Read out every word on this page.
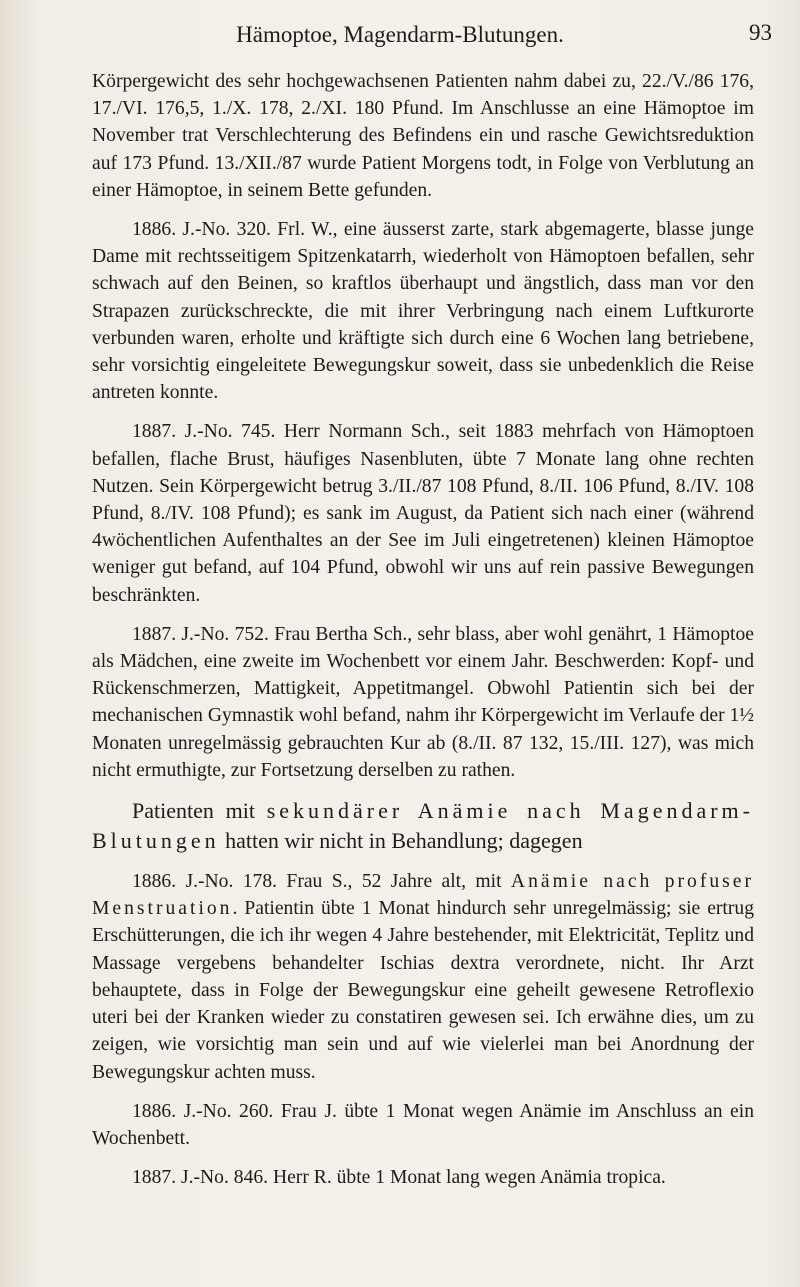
Hämoptoe, Magendarm-Blutungen.	93

Körpergewicht des sehr hochgewachsenen Patienten nahm dabei zu, 22./V./86 176, 17./VI. 176,5, 1./X. 178, 2./XI. 180 Pfund. Im Anschlusse an eine Hämoptoe im November trat Verschlechterung des Befindens ein und rasche Gewichtsreduktion auf 173 Pfund. 13./XII./87 wurde Patient Morgens todt, in Folge von Verblutung an einer Hämoptoe, in seinem Bette gefunden.

1886. J.-No. 320. Frl. W., eine äusserst zarte, stark abgemagerte, blasse junge Dame mit rechtsseitigem Spitzenkatarrh, wiederholt von Hämoptoen befallen, sehr schwach auf den Beinen, so kraftlos überhaupt und ängstlich, dass man vor den Strapazen zurückschreckte, die mit ihrer Verbringung nach einem Luftkurorte verbunden waren, erholte und kräftigte sich durch eine 6 Wochen lang betriebene, sehr vorsichtig eingeleitete Bewegungskur soweit, dass sie unbedenklich die Reise antreten konnte.

1887. J.-No. 745. Herr Normann Sch., seit 1883 mehrfach von Hämoptoen befallen, flache Brust, häufiges Nasenbluten, übte 7 Monate lang ohne rechten Nutzen. Sein Körpergewicht betrug 3./II./87 108 Pfund, 8./II. 106 Pfund, 8./IV. 108 Pfund, 8./IV. 108 Pfund); es sank im August, da Patient sich nach einer (während 4wöchentlichen Aufenthaltes an der See im Juli eingetretenen) kleinen Hämoptoe weniger gut befand, auf 104 Pfund, obwohl wir uns auf rein passive Bewegungen beschränkten.

1887. J.-No. 752. Frau Bertha Sch., sehr blass, aber wohl genährt, 1 Hämoptoe als Mädchen, eine zweite im Wochenbett vor einem Jahr. Beschwerden: Kopf- und Rückenschmerzen, Mattigkeit, Appetitmangel. Obwohl Patientin sich bei der mechanischen Gymnastik wohl befand, nahm ihr Körpergewicht im Verlaufe der 1½ Monaten unregelmässig gebrauchten Kur ab (8./II. 87 132, 15./III. 127), was mich nicht ermuthigte, zur Fortsetzung derselben zu rathen.

Patienten mit sekundärer Anämie nach Magendarm-Blutungen hatten wir nicht in Behandlung; dagegen

1886. J.-No. 178. Frau S., 52 Jahre alt, mit Anämie nach profuser Menstruation. Patientin übte 1 Monat hindurch sehr unregelmässig; sie ertrug Erschütterungen, die ich ihr wegen 4 Jahre bestehender, mit Elektricität, Teplitz und Massage vergebens behandelter Ischias dextra verordnete, nicht. Ihr Arzt behauptete, dass in Folge der Bewegungskur eine geheilt gewesene Retroflexio uteri bei der Kranken wieder zu constatiren gewesen sei. Ich erwähne dies, um zu zeigen, wie vorsichtig man sein und auf wie vielerlei man bei Anordnung der Bewegungskur achten muss.

1886. J.-No. 260. Frau J. übte 1 Monat wegen Anämie im Anschluss an ein Wochenbett.

1887. J.-No. 846. Herr R. übte 1 Monat lang wegen Anämia tropica.
